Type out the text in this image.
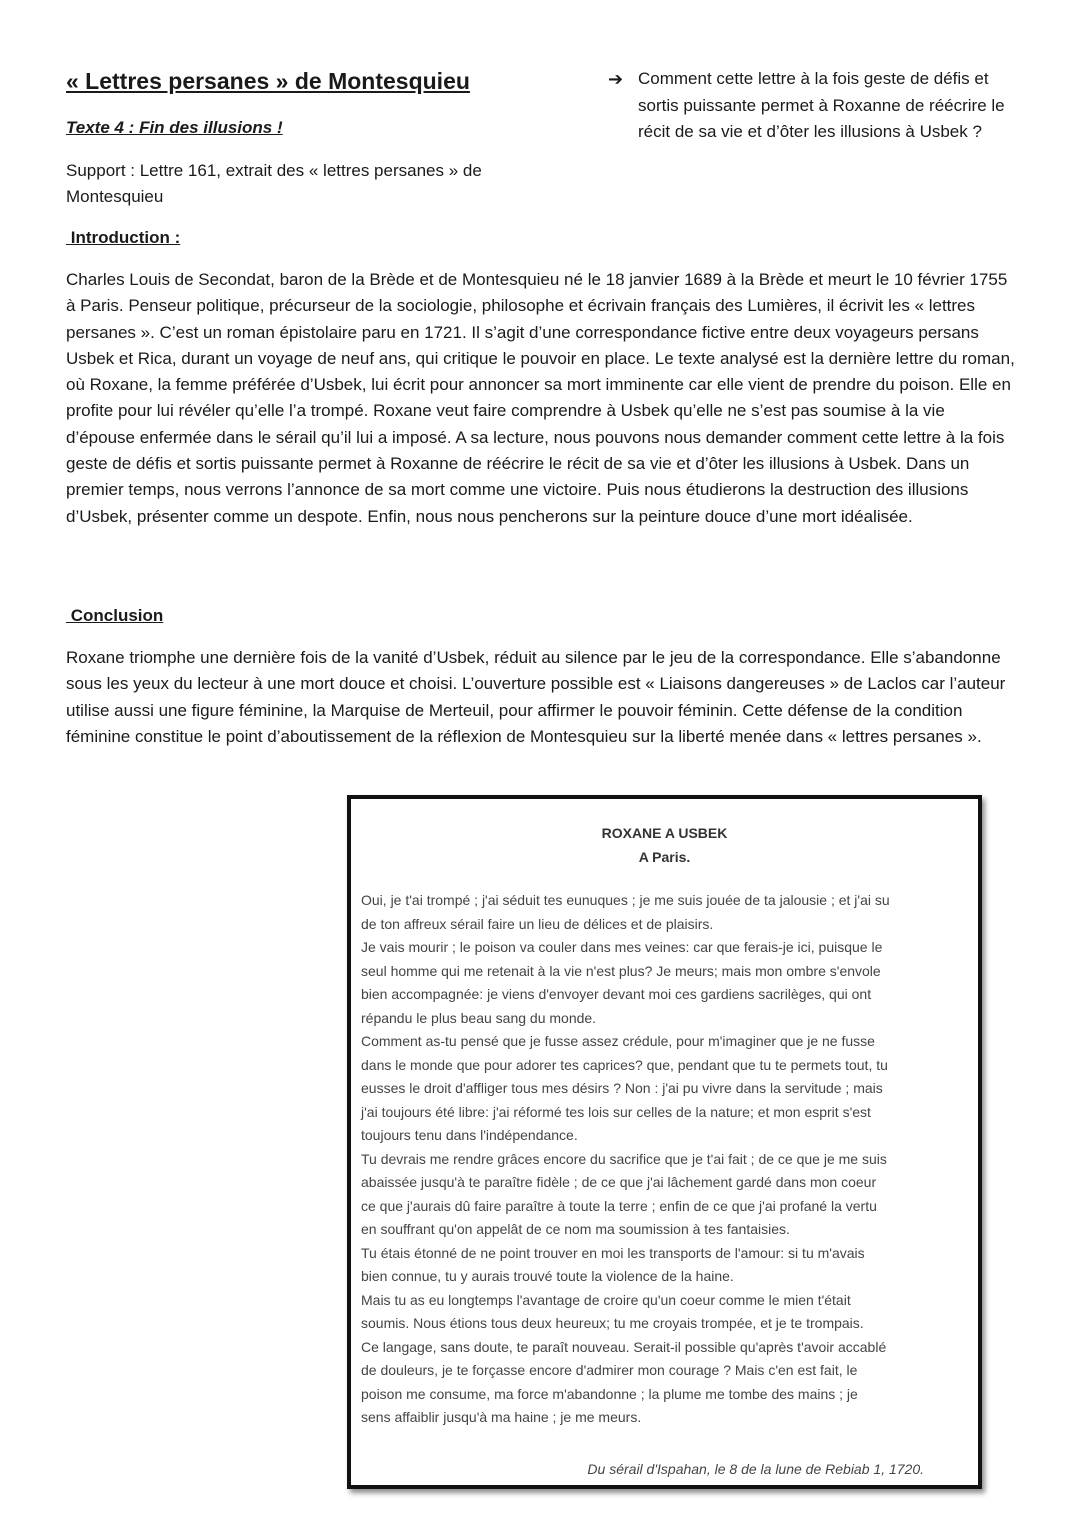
« Lettres persanes » de Montesquieu
Texte 4 : Fin des illusions !
Support : Lettre 161, extrait des « lettres persanes » de Montesquieu
➔ Comment cette lettre à la fois geste de défis et sortis puissante permet à Roxanne de réécrire le récit de sa vie et d’ôter les illusions à Usbek ?
Introduction :

Charles Louis de Secondat, baron de la Brède et de Montesquieu né le 18 janvier 1689 à la Brède et meurt le 10 février 1755 à Paris. Penseur politique, précurseur de la sociologie, philosophe et écrivain français des Lumières, il écrivit les « lettres persanes ». C’est un roman épistolaire paru en 1721. Il s’agit d’une correspondance fictive entre deux voyageurs persans Usbek et Rica, durant un voyage de neuf ans, qui critique le pouvoir en place. Le texte analysé est la dernière lettre du roman, où Roxane, la femme préférée d’Usbek, lui écrit pour annoncer sa mort imminente car elle vient de prendre du poison. Elle en profite pour lui révéler qu’elle l’a trompé. Roxane veut faire comprendre à Usbek qu’elle ne s’est pas soumise à la vie d’épouse enfermée dans le sérail qu’il lui a imposé. A sa lecture, nous pouvons nous demander comment cette lettre à la fois geste de défis et sortis puissante permet à Roxanne de réécrire le récit de sa vie et d’ôter les illusions à Usbek. Dans un premier temps, nous verrons l’annonce de sa mort comme une victoire. Puis nous étudierons la destruction des illusions d’Usbek, présenter comme un despote. Enfin, nous nous pencherons sur la peinture douce d’une mort idéalisée.

Conclusion

Roxane triomphe une dernière fois de la vanité d’Usbek, réduit au silence par le jeu de la correspondance. Elle s’abandonne sous les yeux du lecteur à une mort douce et choisi. L’ouverture possible est « Liaisons dangereuses » de Laclos car l’auteur utilise aussi une figure féminine, la Marquise de Merteuil, pour affirmer le pouvoir féminin. Cette défense de la condition féminine constitue le point d’aboutissement de la réflexion de Montesquieu sur la liberté menée dans « lettres persanes ».

ROXANE A USBEK
A Paris.
Oui, je t'ai trompé ; j'ai séduit tes eunuques ; je me suis jouée de ta jalousie ; et j'ai su
de ton affreux sérail faire un lieu de délices et de plaisirs.
Je vais mourir ; le poison va couler dans mes veines: car que ferais-je ici, puisque le
seul homme qui me retenait à la vie n'est plus? Je meurs; mais mon ombre s'envole
bien accompagnée: je viens d'envoyer devant moi ces gardiens sacrilèges, qui ont
répandu le plus beau sang du monde.
Comment as-tu pensé que je fusse assez crédule, pour m'imaginer que je ne fusse
dans le monde que pour adorer tes caprices? que, pendant que tu te permets tout, tu
eusses le droit d'affliger tous mes désirs ? Non : j'ai pu vivre dans la servitude ; mais
j'ai toujours été libre: j'ai réformé tes lois sur celles de la nature; et mon esprit s'est
toujours tenu dans l'indépendance.
Tu devrais me rendre grâces encore du sacrifice que je t'ai fait ; de ce que je me suis
abaissée jusqu'à te paraître fidèle ; de ce que j'ai lâchement gardé dans mon coeur
ce que j'aurais dû faire paraître à toute la terre ; enfin de ce que j'ai profané la vertu
en souffrant qu'on appelât de ce nom ma soumission à tes fantaisies.
Tu étais étonné de ne point trouver en moi les transports de l'amour: si tu m'avais
bien connue, tu y aurais trouvé toute la violence de la haine.
Mais tu as eu longtemps l'avantage de croire qu'un coeur comme le mien t'était
soumis. Nous étions tous deux heureux; tu me croyais trompée, et je te trompais.
Ce langage, sans doute, te paraît nouveau. Serait-il possible qu'après t'avoir accablé
de douleurs, je te forçasse encore d'admirer mon courage ? Mais c'en est fait, le
poison me consume, ma force m'abandonne ; la plume me tombe des mains ; je
sens affaiblir jusqu'à ma haine ; je me meurs.
Du sérail d'Ispahan, le 8 de la lune de Rebiab 1, 1720.
